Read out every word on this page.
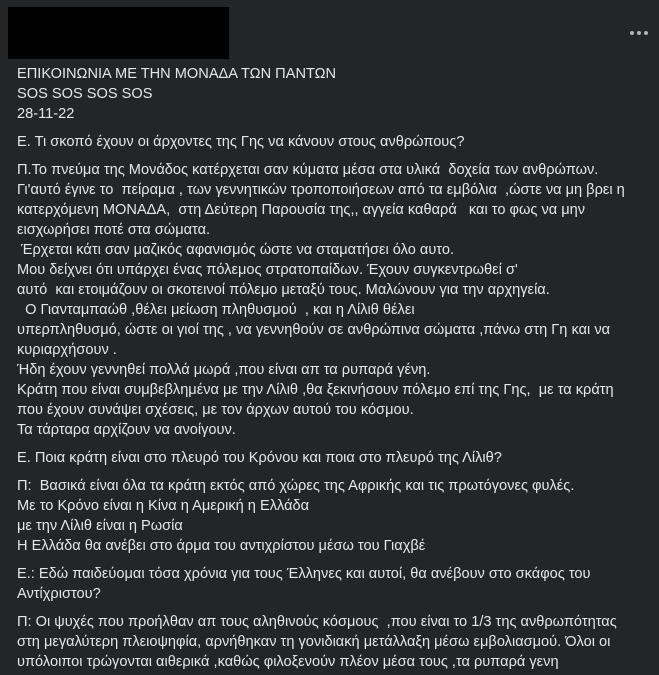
ΕΠΙΚΟΙΝΩΝΙΑ ΜΕ ΤΗΝ ΜΟΝΑΔΑ ΤΩΝ ΠΑΝΤΩΝ
SOS SOS SOS SOS
28-11-22
Ε. Τι σκοπό έχουν οι άρχοντες της Γης να κάνουν στους ανθρώπους?
Π.Το πνεύμα της Μονάδος κατέρχεται σαν κύματα μέσα στα υλικά  δοχεία των ανθρώπων.
Γι'αυτό έγινε το  πείραμα , των γεννητικών τροποποιήσεων από τα εμβόλια  ,ώστε να μη βρει η
κατερχόμενη ΜΟΝΑΔΑ,  στη Δεύτερη Παρουσία της,, αγγεία καθαρά   και το φως να μην
εισχωρήσει ποτέ στα σώματα.
Έρχεται κάτι σαν μαζικός αφανισμός ώστε να σταματήσει όλο αυτο.
Μου δείχνει ότι υπάρχει ένας πόλεμος στρατοπαίδων. Έχουν συγκεντρωθεί σ'
αυτό  και ετοιμάζουν οι σκοτεινοί πόλεμο μεταξύ τους. Μαλώνουν για την αρχηγεία.
Ο Γιανταμπαώθ ,θέλει μείωση πληθυσμού  , και η Λίλιθ θέλει
υπερπληθυσμό, ώστε οι γιοί της , να γεννηθούν σε ανθρώπινα σώματα ,πάνω στη Γη και να
κυριαρχήσουν .
Ήδη έχουν γεννηθεί πολλά μωρά ,που είναι απ τα ρυπαρά γένη.
Κράτη που είναι συμβεβλημένα με την Λίλιθ ,θα ξεκινήσουν πόλεμο επί της Γης,  με τα κράτη
που έχουν συνάψει σχέσεις, με τον άρχων αυτού του κόσμου.
Τα τάρταρα αρχίζουν να ανοίγουν.
Ε. Ποια κράτη είναι στο πλευρό του Κρόνου και ποια στο πλευρό της Λίλιθ?
Π:  Βασικά είναι όλα τα κράτη εκτός από χώρες της Αφρικής και τις πρωτόγονες φυλές.
Με το Κρόνο είναι η Κίνα η Αμερική η Ελλάδα
με την Λίλιθ είναι η Ρωσία
Η Ελλάδα θα ανέβει στο άρμα του αντιχρίστου μέσω του Γιαχβέ
Ε.: Εδώ παιδεύομαι τόσα χρόνια για τους Έλληνες και αυτοί, θα ανέβουν στο σκάφος του
Αντίχριστου?
Π: Οι ψυχές που προήλθαν απ τους αληθινούς κόσμους  ,που είναι το 1/3 της ανθρωπότητας
στη μεγαλύτερη πλειοψηφία, αρνήθηκαν τη γονιδιακή μετάλλαξη μέσω εμβολιασμού. Όλοι οι
υπόλοιποι τρώγονται αιθερικά ,καθώς φιλοξενούν πλέον μέσα τους ,τα ρυπαρά γενη
